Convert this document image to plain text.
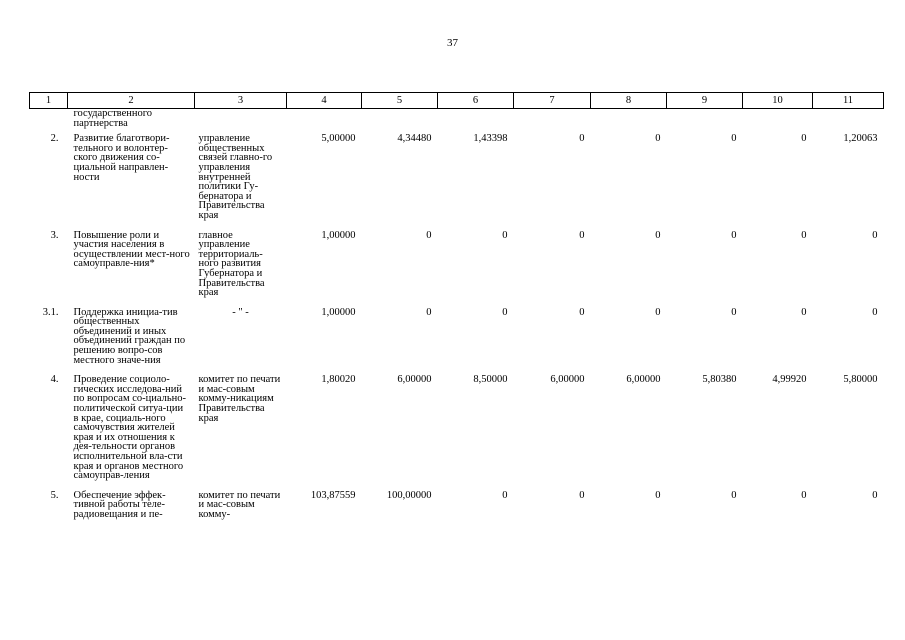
37
1	2	3	4	5	6	7	8	9	10	11
	государственного партнерства									
2.	Развитие благотвори-тельного и волонтер-ского движения со-циальной направлен-ности	управление общественных связей главно-го управления внутренней политики Гу-бернатора и Правительства края	5,00000	4,34480	1,43398	0	0	0	0	1,20063
3.	Повышение роли и участия населения в осуществлении мест-ного самоуправле-ния*	главное управление территориаль-ного развития Губернатора и Правительства края	1,00000	0	0	0	0	0	0	0
3.1.	Поддержка инициа-тив общественных объединений и иных объединений граждан по решению вопро-сов местного значе-ния	- " -	1,00000	0	0	0	0	0	0	0
4.	Проведение социоло-гических исследова-ний по вопросам со-циально-политической ситуа-ции в крае, социаль-ного самочувствия жителей края и их отношения к дея-тельности органов исполнительной вла-сти края и органов местного самоуправ-ления	комитет по печати и мас-совым комму-никациям Правительства края	1,80020	6,00000	8,50000	6,00000	6,00000	5,80380	4,99920	5,80000
5.	Обеспечение эффек-тивной работы теле-радиовещания и пе-	комитет по печати и мас-совым комму-	103,87559	100,00000	0	0	0	0	0	0
